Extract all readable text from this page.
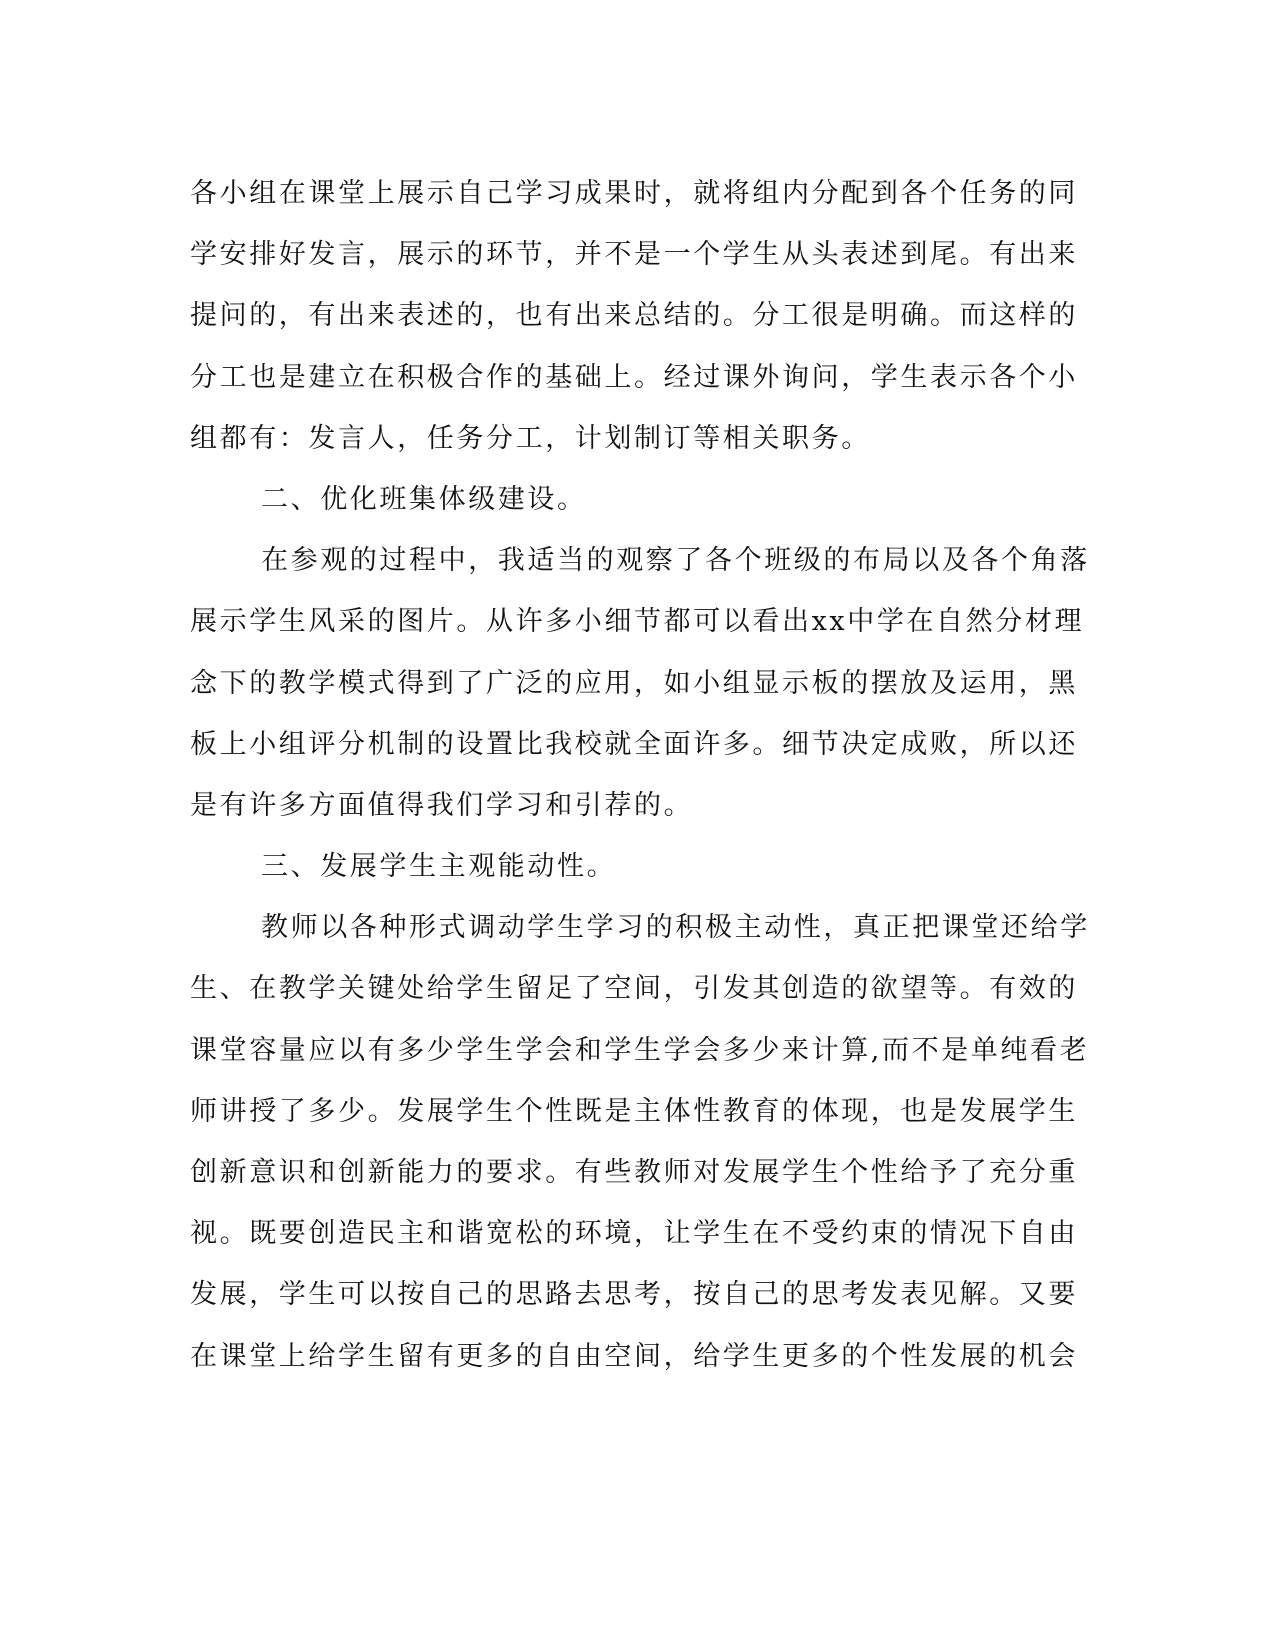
各小组在课堂上展示自己学习成果时，就将组内分配到各个任务的同
学安排好发言，展示的环节，并不是一个学生从头表述到尾。有出来
提问的，有出来表述的，也有出来总结的。分工很是明确。而这样的
分工也是建立在积极合作的基础上。经过课外询问，学生表示各个小
组都有：发言人，任务分工，计划制订等相关职务。
二、优化班集体级建设。
在参观的过程中，我适当的观察了各个班级的布局以及各个角落
展示学生风采的图片。从许多小细节都可以看出xx中学在自然分材理
念下的教学模式得到了广泛的应用，如小组显示板的摆放及运用，黑
板上小组评分机制的设置比我校就全面许多。细节决定成败，所以还
是有许多方面值得我们学习和引荐的。
三、发展学生主观能动性。
教师以各种形式调动学生学习的积极主动性，真正把课堂还给学
生、在教学关键处给学生留足了空间，引发其创造的欲望等。有效的
课堂容量应以有多少学生学会和学生学会多少来计算,而不是单纯看老
师讲授了多少。发展学生个性既是主体性教育的体现，也是发展学生
创新意识和创新能力的要求。有些教师对发展学生个性给予了充分重
视。既要创造民主和谐宽松的环境，让学生在不受约束的情况下自由
发展，学生可以按自己的思路去思考，按自己的思考发表见解。又要
在课堂上给学生留有更多的自由空间，给学生更多的个性发展的机会
